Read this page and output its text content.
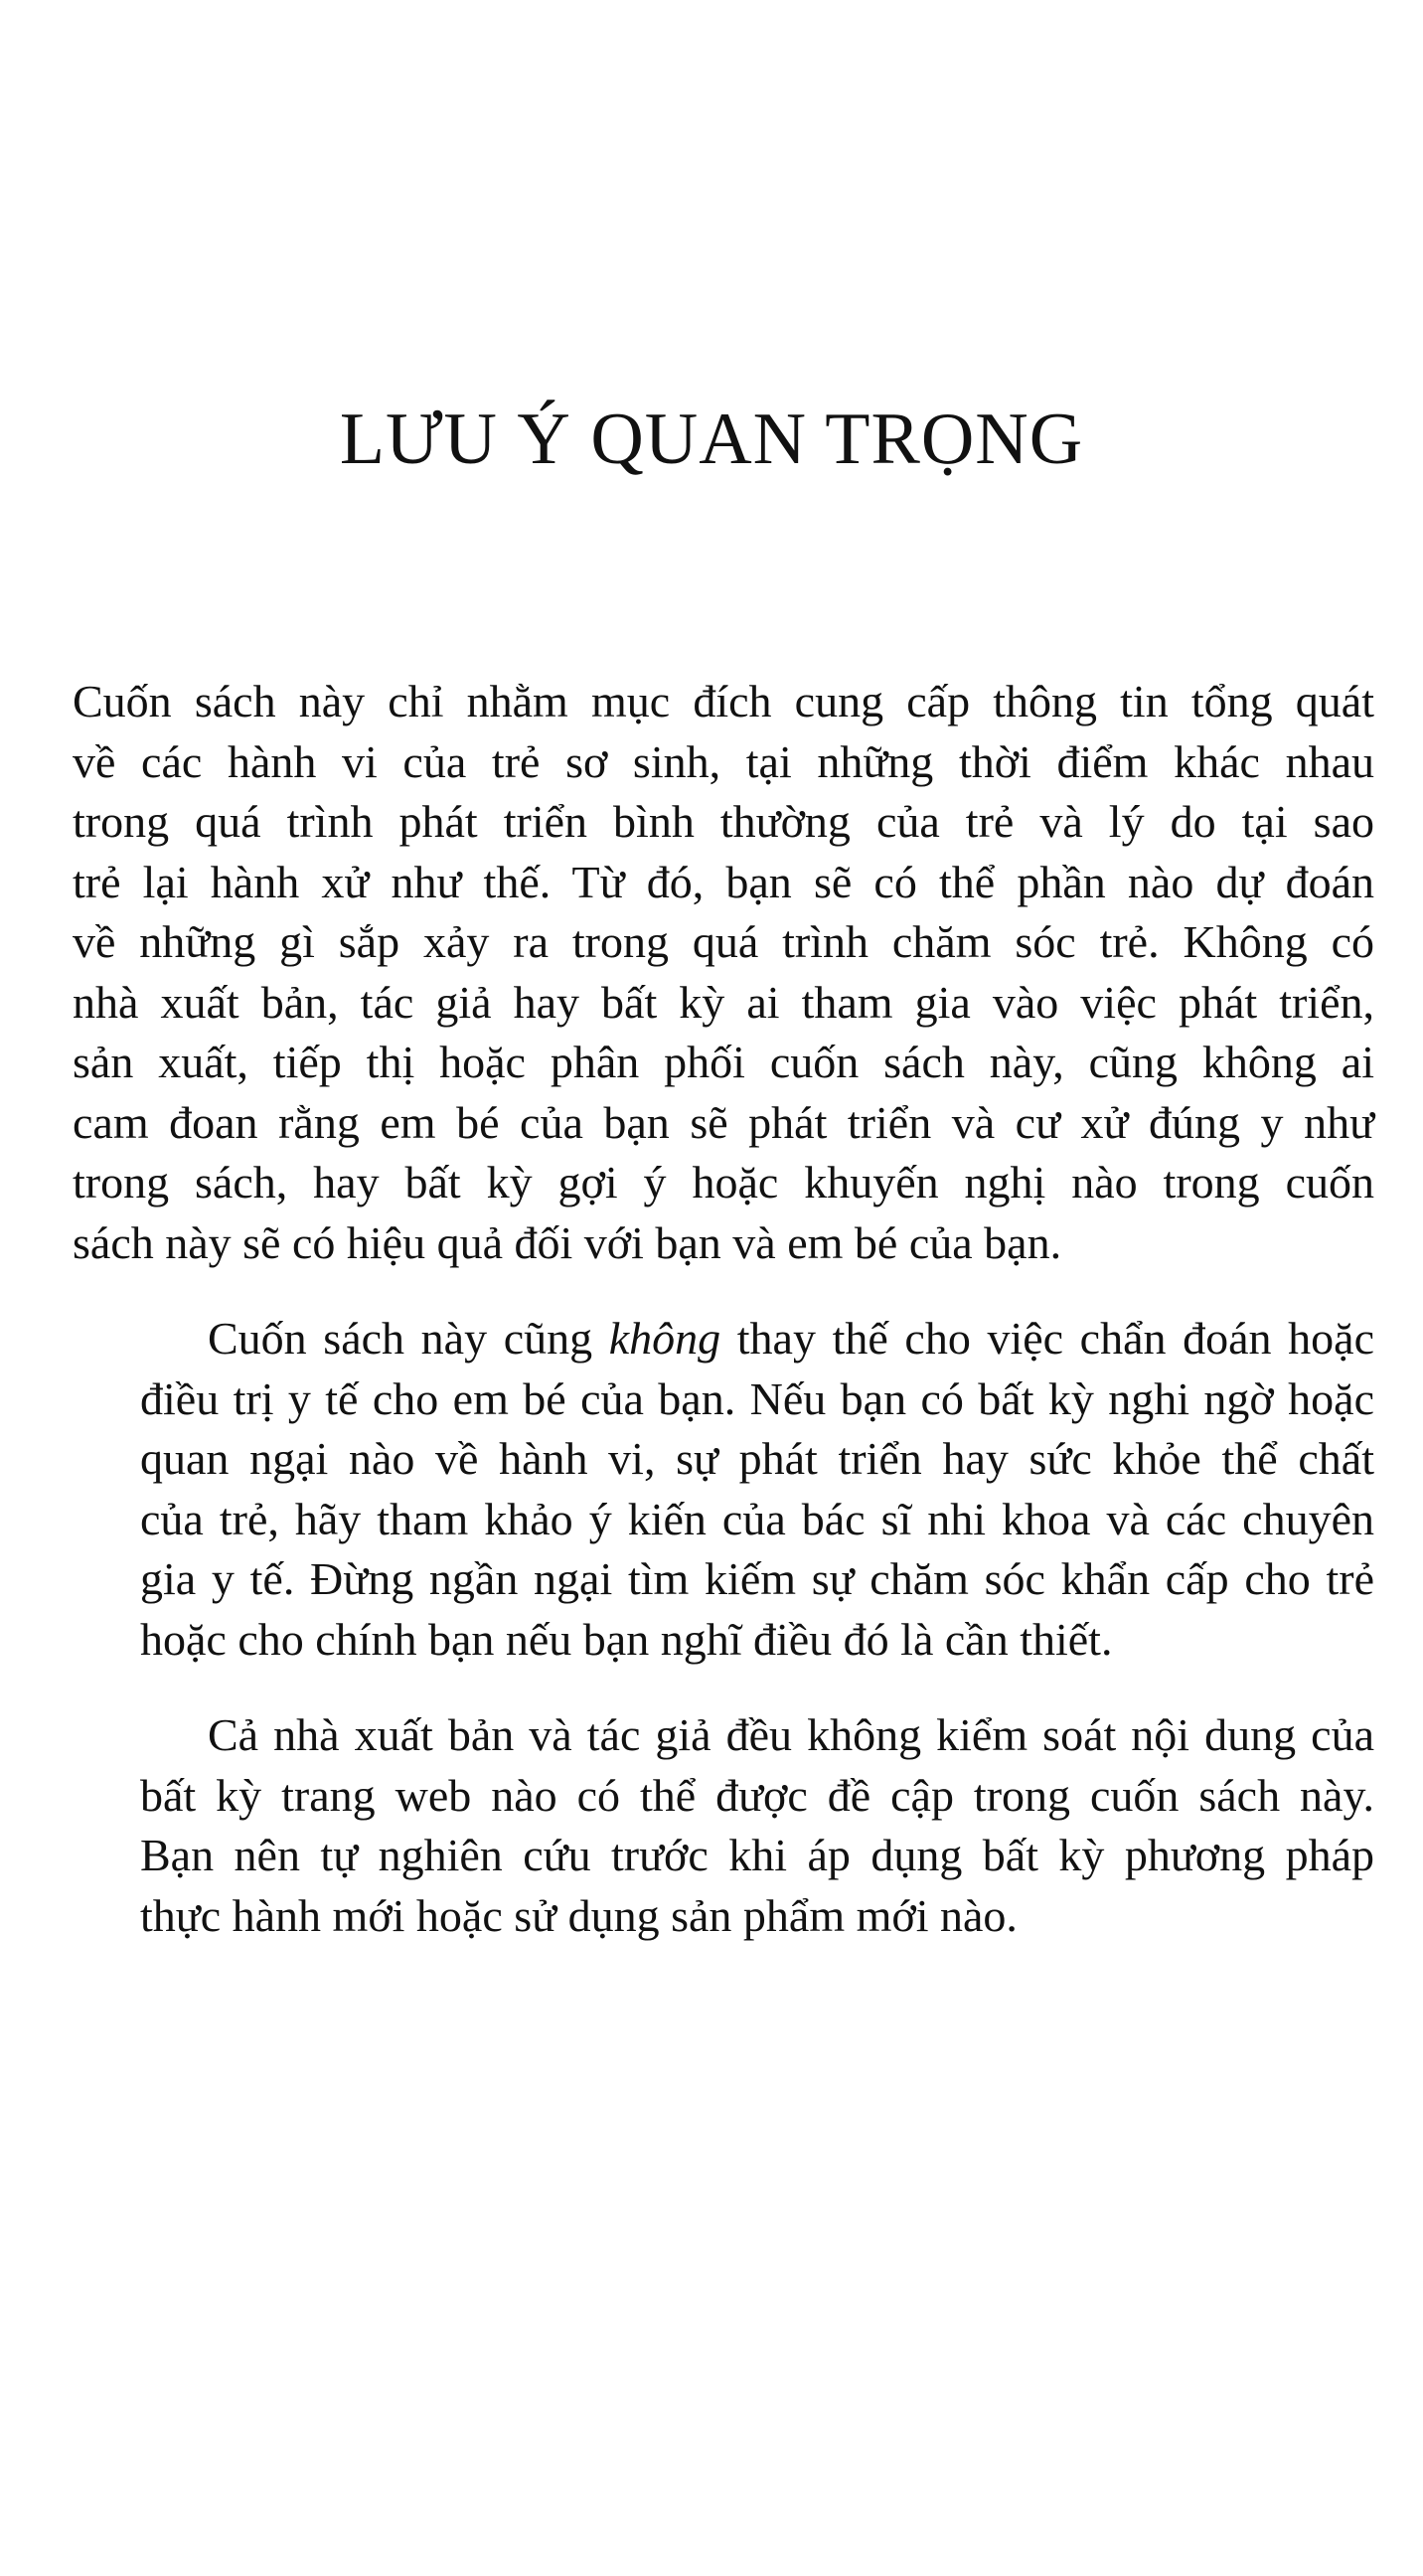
LƯU Ý QUAN TRỌNG

Cuốn sách này chỉ nhằm mục đích cung cấp thông tin tổng quát
về các hành vi của trẻ sơ sinh, tại những thời điểm khác nhau
trong quá trình phát triển bình thường của trẻ và lý do tại sao
trẻ lại hành xử như thế. Từ đó, bạn sẽ có thể phần nào dự đoán
về những gì sắp xảy ra trong quá trình chăm sóc trẻ. Không có
nhà xuất bản, tác giả hay bất kỳ ai tham gia vào việc phát triển,
sản xuất, tiếp thị hoặc phân phối cuốn sách này, cũng không ai
cam đoan rằng em bé của bạn sẽ phát triển và cư xử đúng y như
trong sách, hay bất kỳ gợi ý hoặc khuyến nghị nào trong cuốn
sách này sẽ có hiệu quả đối với bạn và em bé của bạn.

Cuốn sách này cũng không thay thế cho việc chẩn đoán hoặc
điều trị y tế cho em bé của bạn. Nếu bạn có bất kỳ nghi ngờ hoặc
quan ngại nào về hành vi, sự phát triển hay sức khỏe thể chất
của trẻ, hãy tham khảo ý kiến của bác sĩ nhi khoa và các chuyên
gia y tế. Đừng ngần ngại tìm kiếm sự chăm sóc khẩn cấp cho trẻ
hoặc cho chính bạn nếu bạn nghĩ điều đó là cần thiết.

Cả nhà xuất bản và tác giả đều không kiểm soát nội dung của
bất kỳ trang web nào có thể được đề cập trong cuốn sách này.
Bạn nên tự nghiên cứu trước khi áp dụng bất kỳ phương pháp
thực hành mới hoặc sử dụng sản phẩm mới nào.
